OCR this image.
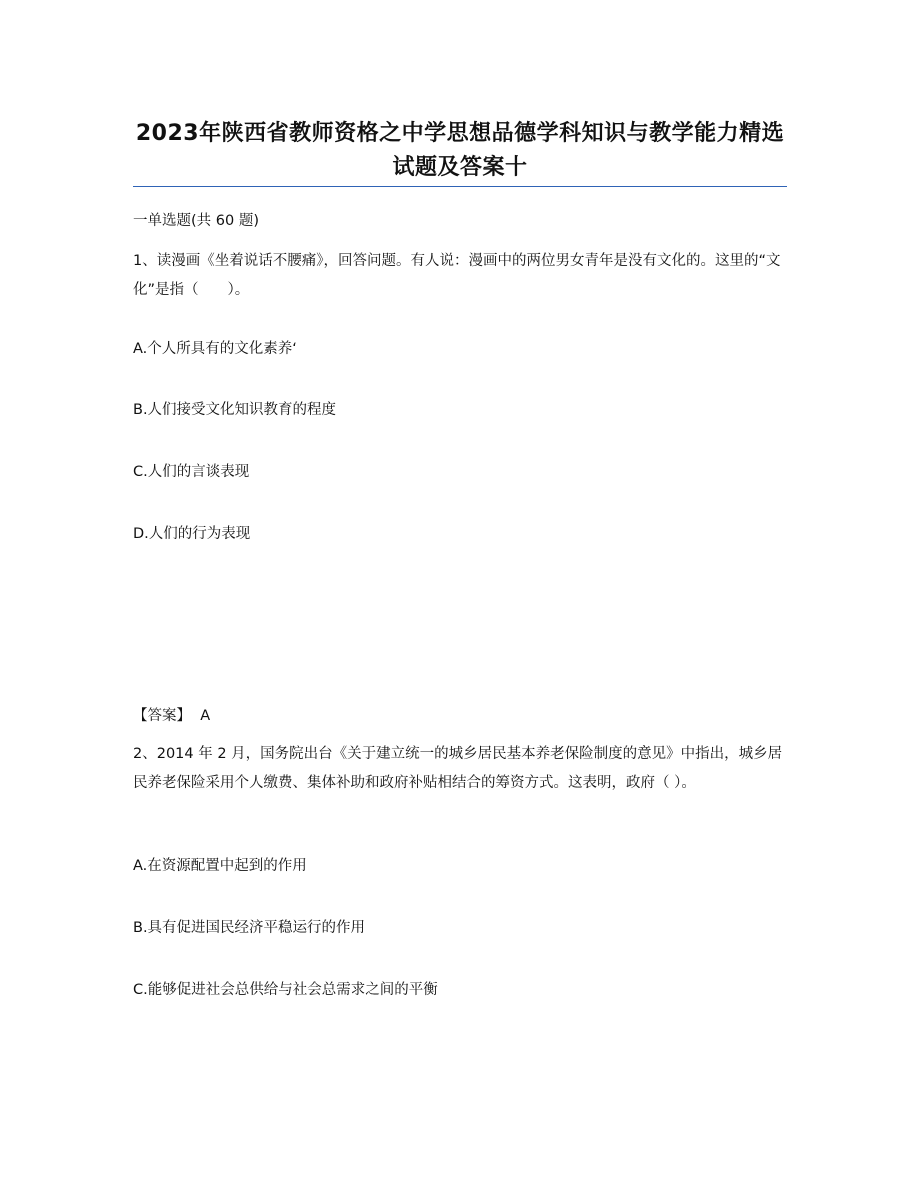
2023年陕西省教师资格之中学思想品德学科知识与教学能力精选试题及答案十
一单选题(共 60 题)
1、读漫画《坐着说话不腰痛》，回答问题。有人说：漫画中的两位男女青年是没有文化的。这里的“文化”是指（　　）。
A.个人所具有的文化素养‘
B.人们接受文化知识教育的程度
C.人们的言谈表现
D.人们的行为表现
【答案】 A
2、2014 年 2 月，国务院出台《关于建立统一的城乡居民基本养老保险制度的意见》中指出，城乡居民养老保险采用个人缴费、集体补助和政府补贴相结合的筹资方式。这表明，政府（ ）。
A.在资源配置中起到的作用
B.具有促进国民经济平稳运行的作用
C.能够促进社会总供给与社会总需求之间的平衡
